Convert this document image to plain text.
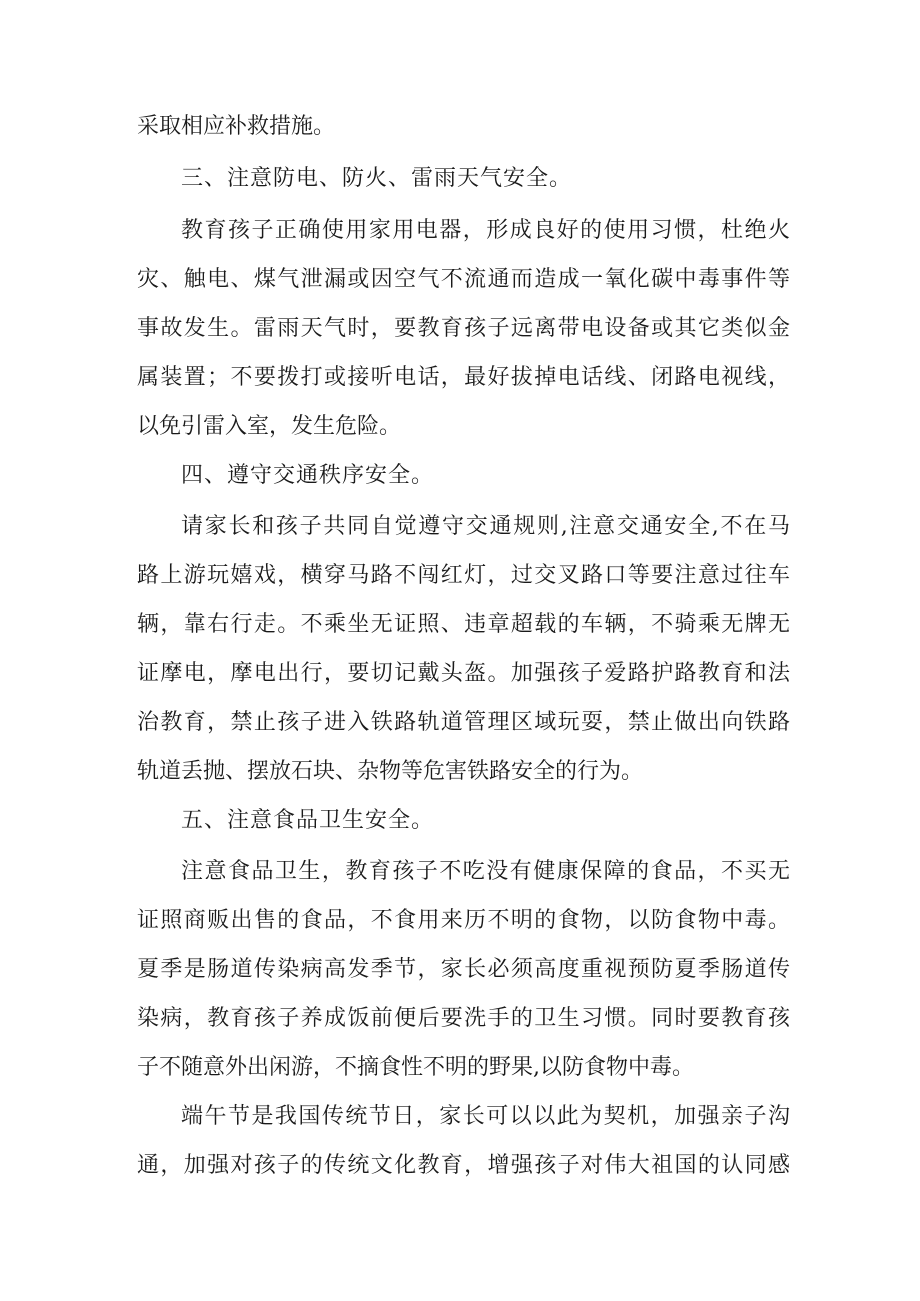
采取相应补救措施。
三、注意防电、防火、雷雨天气安全。
教育孩子正确使用家用电器，形成良好的使用习惯，杜绝火
灾、触电、煤气泄漏或因空气不流通而造成一氧化碳中毒事件等
事故发生。雷雨天气时，要教育孩子远离带电设备或其它类似金
属装置；不要拨打或接听电话，最好拔掉电话线、闭路电视线，
以免引雷入室，发生危险。
四、遵守交通秩序安全。
请家长和孩子共同自觉遵守交通规则,注意交通安全,不在马
路上游玩嬉戏，横穿马路不闯红灯，过交叉路口等要注意过往车
辆，靠右行走。不乘坐无证照、违章超载的车辆，不骑乘无牌无
证摩电，摩电出行，要切记戴头盔。加强孩子爱路护路教育和法
治教育，禁止孩子进入铁路轨道管理区域玩耍，禁止做出向铁路
轨道丢抛、摆放石块、杂物等危害铁路安全的行为。
五、注意食品卫生安全。
注意食品卫生，教育孩子不吃没有健康保障的食品，不买无
证照商贩出售的食品，不食用来历不明的食物，以防食物中毒。
夏季是肠道传染病高发季节，家长必须高度重视预防夏季肠道传
染病，教育孩子养成饭前便后要洗手的卫生习惯。同时要教育孩
子不随意外出闲游，不摘食性不明的野果,以防食物中毒。
端午节是我国传统节日，家长可以以此为契机，加强亲子沟
通，加强对孩子的传统文化教育，增强孩子对伟大祖国的认同感
